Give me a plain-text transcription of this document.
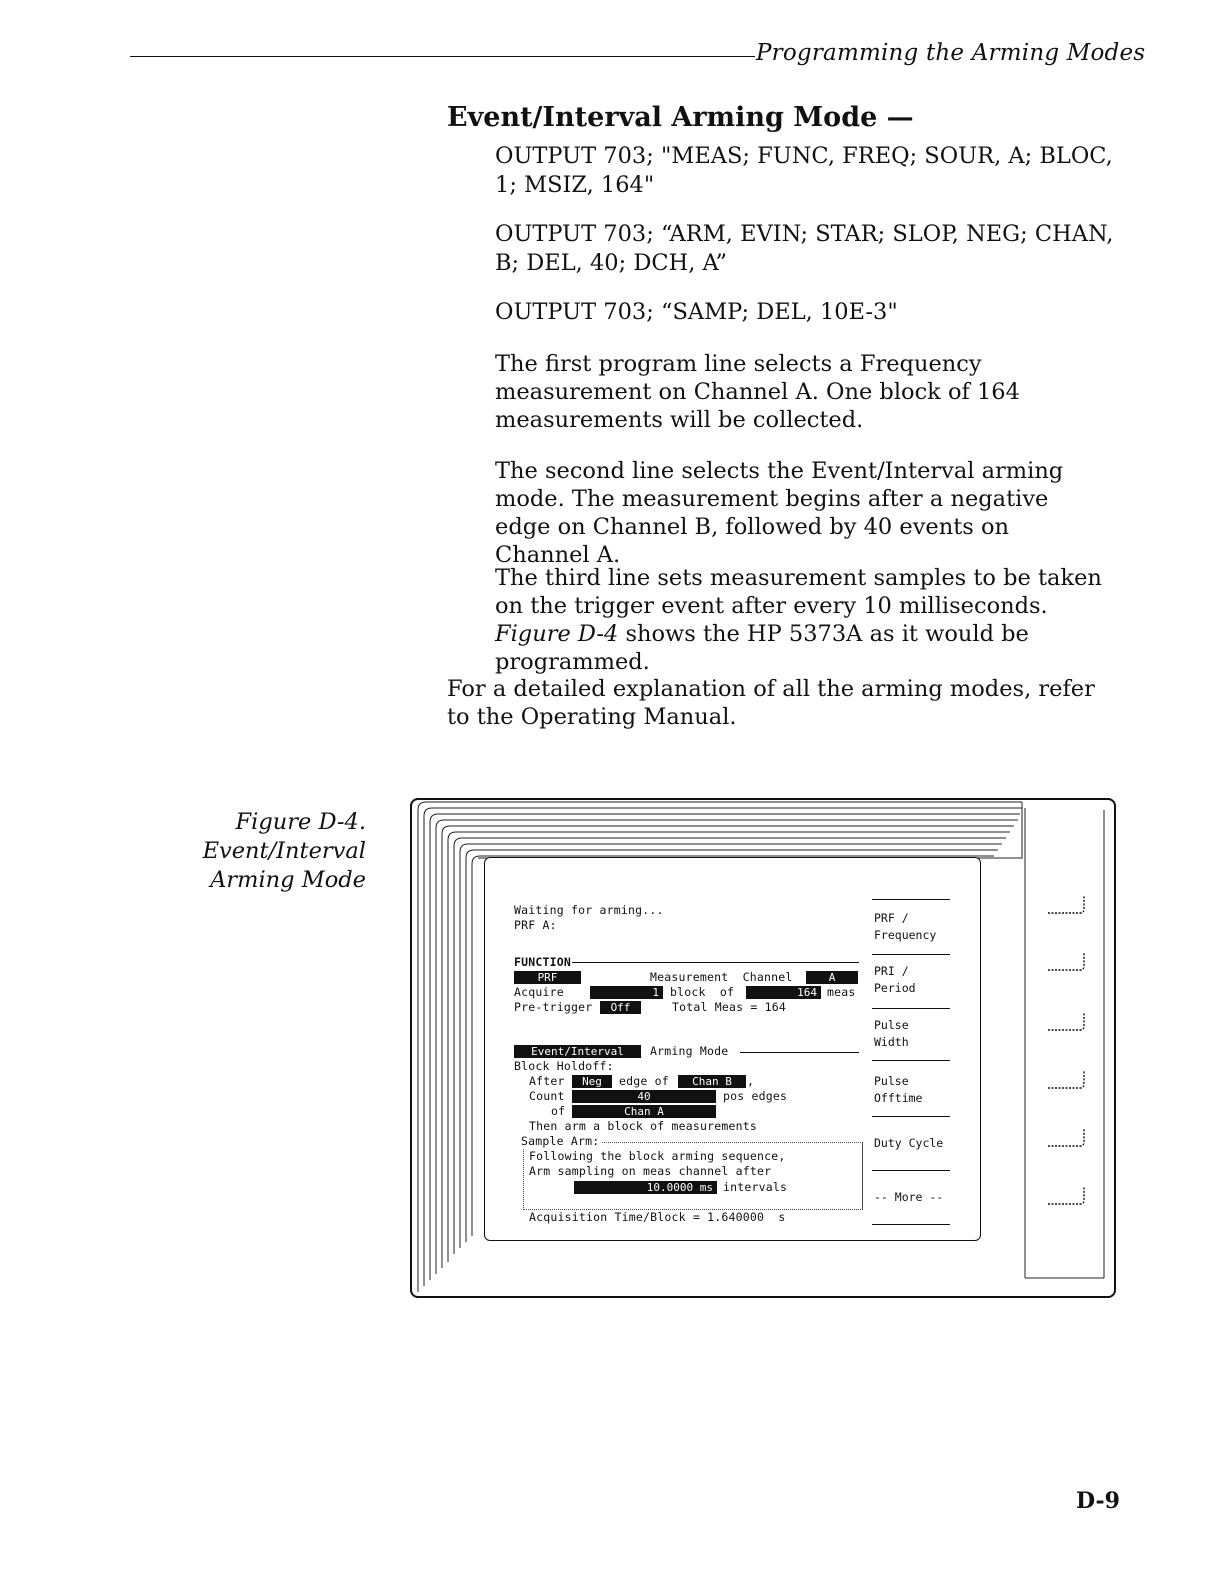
Programming the Arming Modes
Event/Interval Arming Mode —
OUTPUT 703; "MEAS; FUNC, FREQ; SOUR, A; BLOC, 1; MSIZ, 164"
OUTPUT 703; “ARM, EVIN; STAR; SLOP, NEG; CHAN, B; DEL, 40; DCH, A”
OUTPUT 703; “SAMP; DEL, 10E-3"
The first program line selects a Frequency measurement on Channel A. One block of 164 measurements will be collected.
The second line selects the Event/Interval arming mode. The measurement begins after a negative edge on Channel B, followed by 40 events on Channel A.
The third line sets measurement samples to be taken on the trigger event after every 10 milliseconds. Figure D-4 shows the HP 5373A as it would be programmed.
For a detailed explanation of all the arming modes, refer to the Operating Manual.
Figure D-4.
Event/Interval Arming Mode
Waiting for arming...
PRF A:
FUNCTION
PRF	Measurement  Channel	A
Acquire	1 block  of	164 meas
Pre-trigger	Off	Total Meas = 164
Event/Interval	Arming Mode
Block Holdoff:
After	Neg	edge of	Chan B	,
Count	40	pos edges
of	Chan A
Then arm a block of measurements
Sample Arm:
Following the block arming sequence,
Arm sampling on meas channel after
10.0000 ms intervals
Acquisition Time/Block = 1.640000  s
PRF /
Frequency
PRI /
Period
Pulse
Width
Pulse
Offtime
Duty Cycle
-- More --
D-9
